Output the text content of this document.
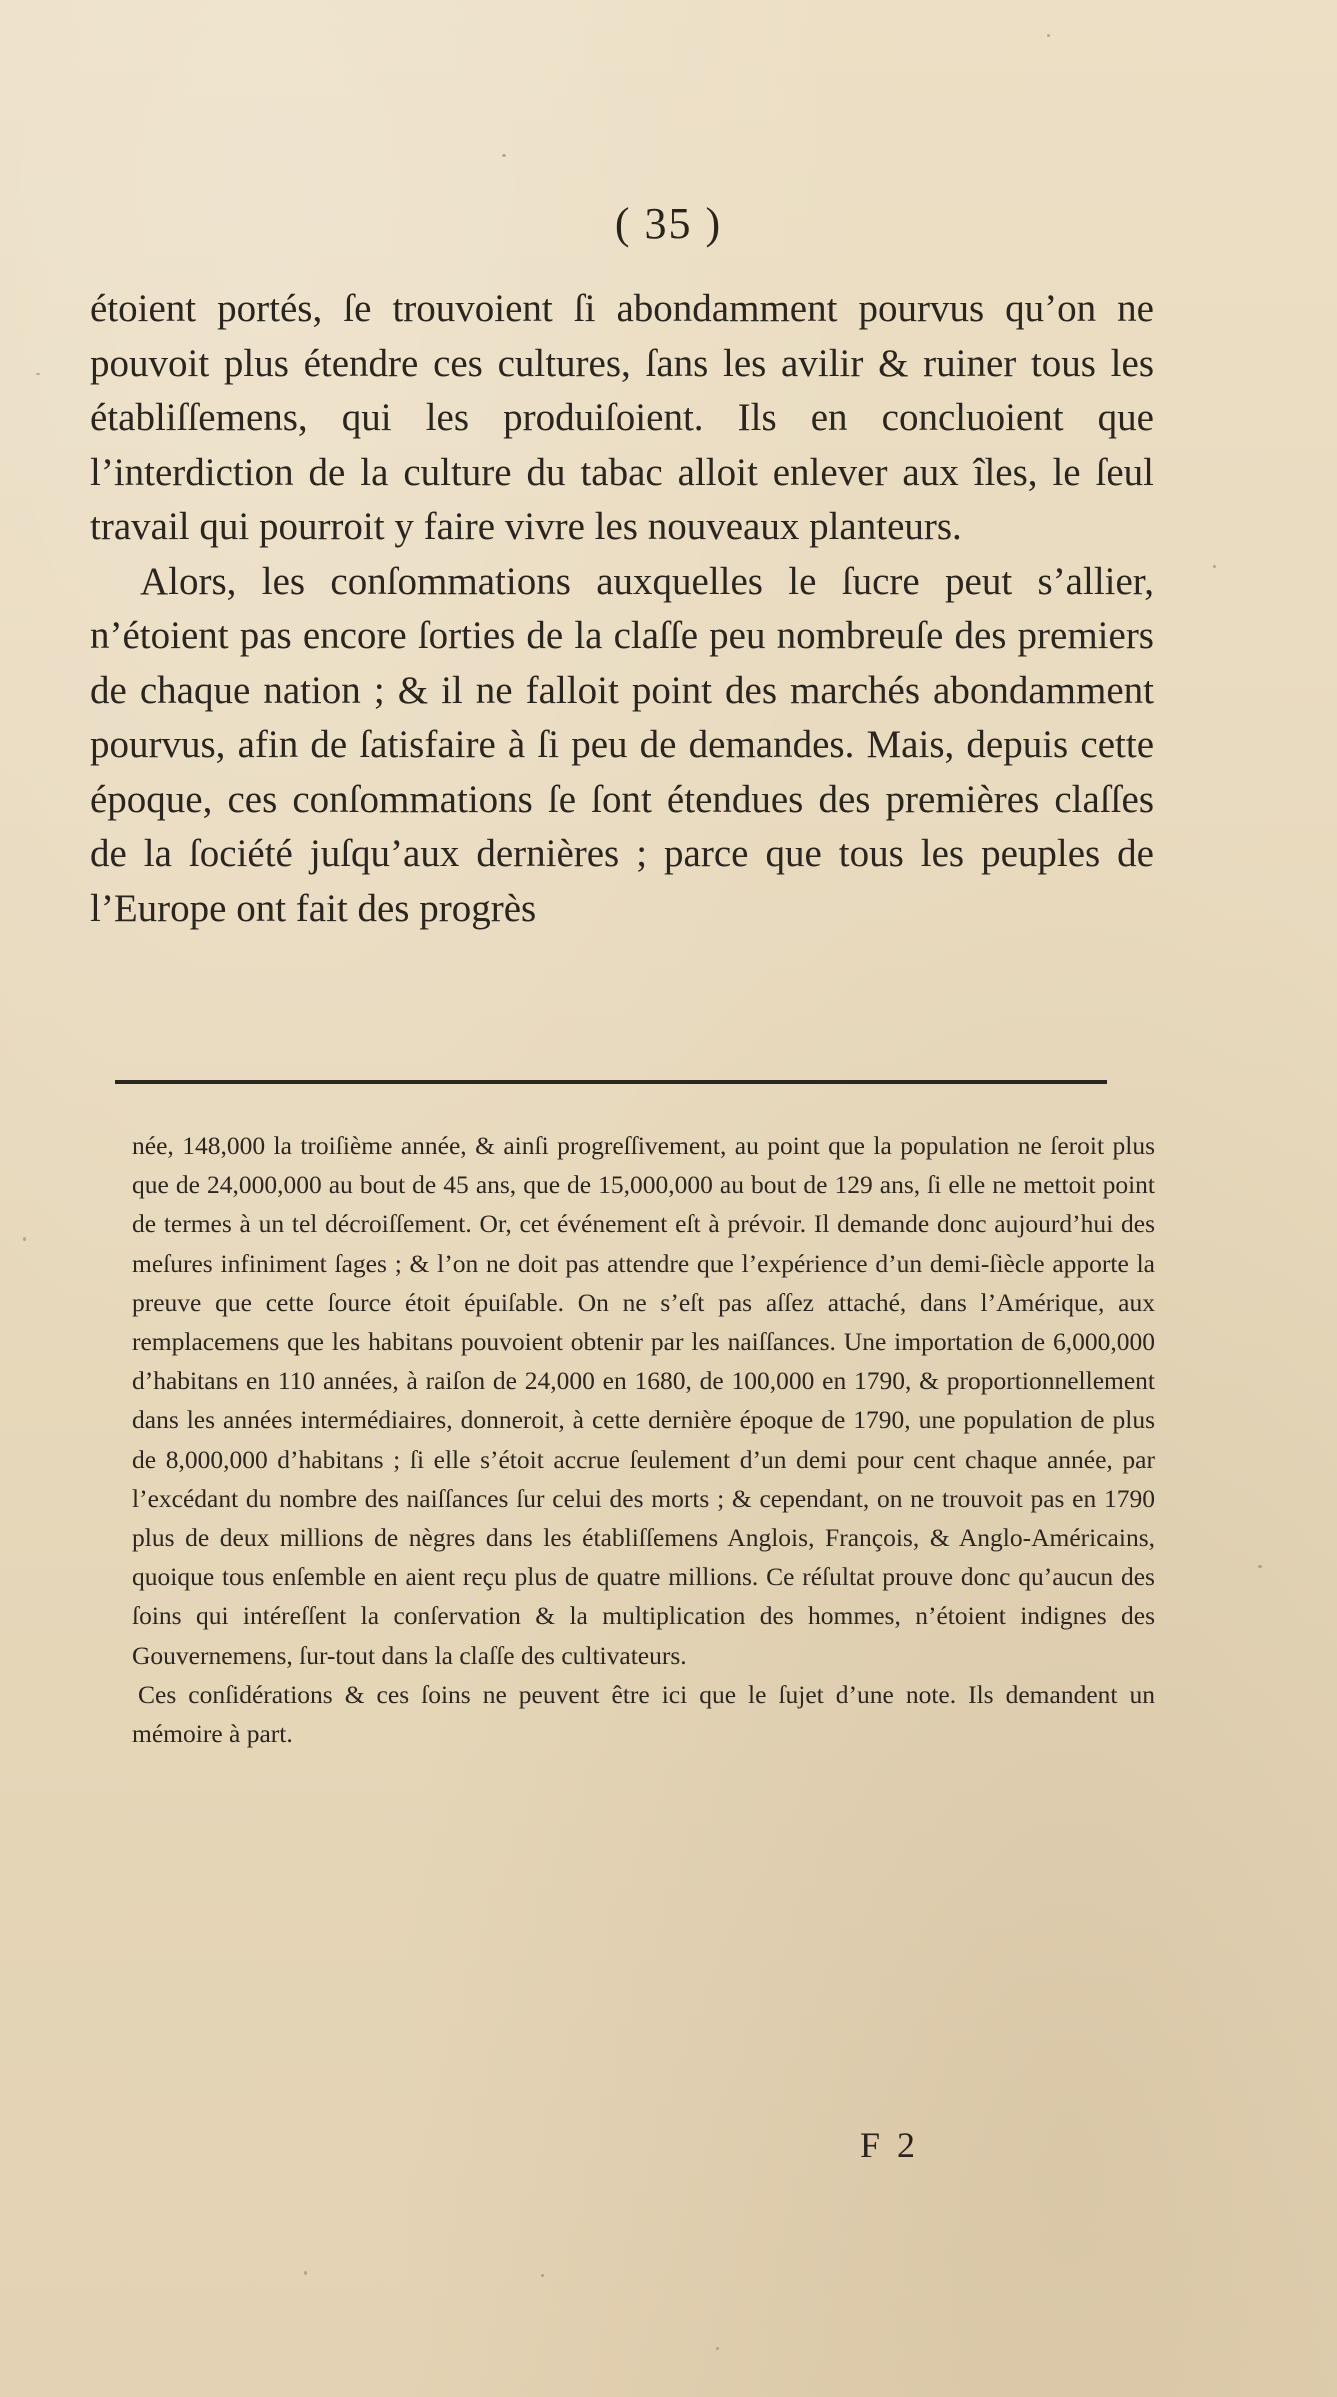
( 35 )

étoient portés, ſe trouvoient ſi abondamment pourvus qu’on ne pouvoit plus étendre ces cultures, ſans les avilir & ruiner tous les établiſſemens, qui les produiſoient. Ils en concluoient que l’interdiction de la culture du tabac alloit enlever aux îles, le ſeul travail qui pourroit y faire vivre les nouveaux planteurs.

Alors, les conſommations auxquelles le ſucre peut s’allier, n’étoient pas encore ſorties de la claſſe peu nombreuſe des premiers de chaque nation ; & il ne falloit point des marchés abondamment pourvus, afin de ſatisfaire à ſi peu de demandes. Mais, depuis cette époque, ces conſommations ſe ſont étendues des premières claſſes de la ſociété juſqu’aux dernières ; parce que tous les peuples de l’Europe ont fait des progrès

née, 148,000 la troiſième année, & ainſi progreſſivement, au point que la population ne ſeroit plus que de 24,000,000 au bout de 45 ans, que de 15,000,000 au bout de 129 ans, ſi elle ne mettoit point de termes à un tel décroiſſement. Or, cet événement eſt à prévoir. Il demande donc aujourd’hui des meſures infiniment ſages ; & l’on ne doit pas attendre que l’expérience d’un demi-ſiècle apporte la preuve que cette ſource étoit épuiſable. On ne s’eſt pas aſſez attaché, dans l’Amérique, aux remplacemens que les habitans pouvoient obtenir par les naiſſances. Une importation de 6,000,000 d’habitans en 110 années, à raiſon de 24,000 en 1680, de 100,000 en 1790, & proportionnellement dans les années intermédiaires, donneroit, à cette dernière époque de 1790, une population de plus de 8,000,000 d’habitans ; ſi elle s’étoit accrue ſeulement d’un demi pour cent chaque année, par l’excédant du nombre des naiſſances ſur celui des morts ; & cependant, on ne trouvoit pas en 1790 plus de deux millions de nègres dans les établiſſemens Anglois, François, & Anglo-Américains, quoique tous enſemble en aient reçu plus de quatre millions. Ce réſultat prouve donc qu’aucun des ſoins qui intéreſſent la conſervation & la multiplication des hommes, n’étoient indignes des Gouvernemens, ſur-tout dans la claſſe des cultivateurs.

Ces conſidérations & ces ſoins ne peuvent être ici que le ſujet d’une note. Ils demandent un mémoire à part.

F 2
